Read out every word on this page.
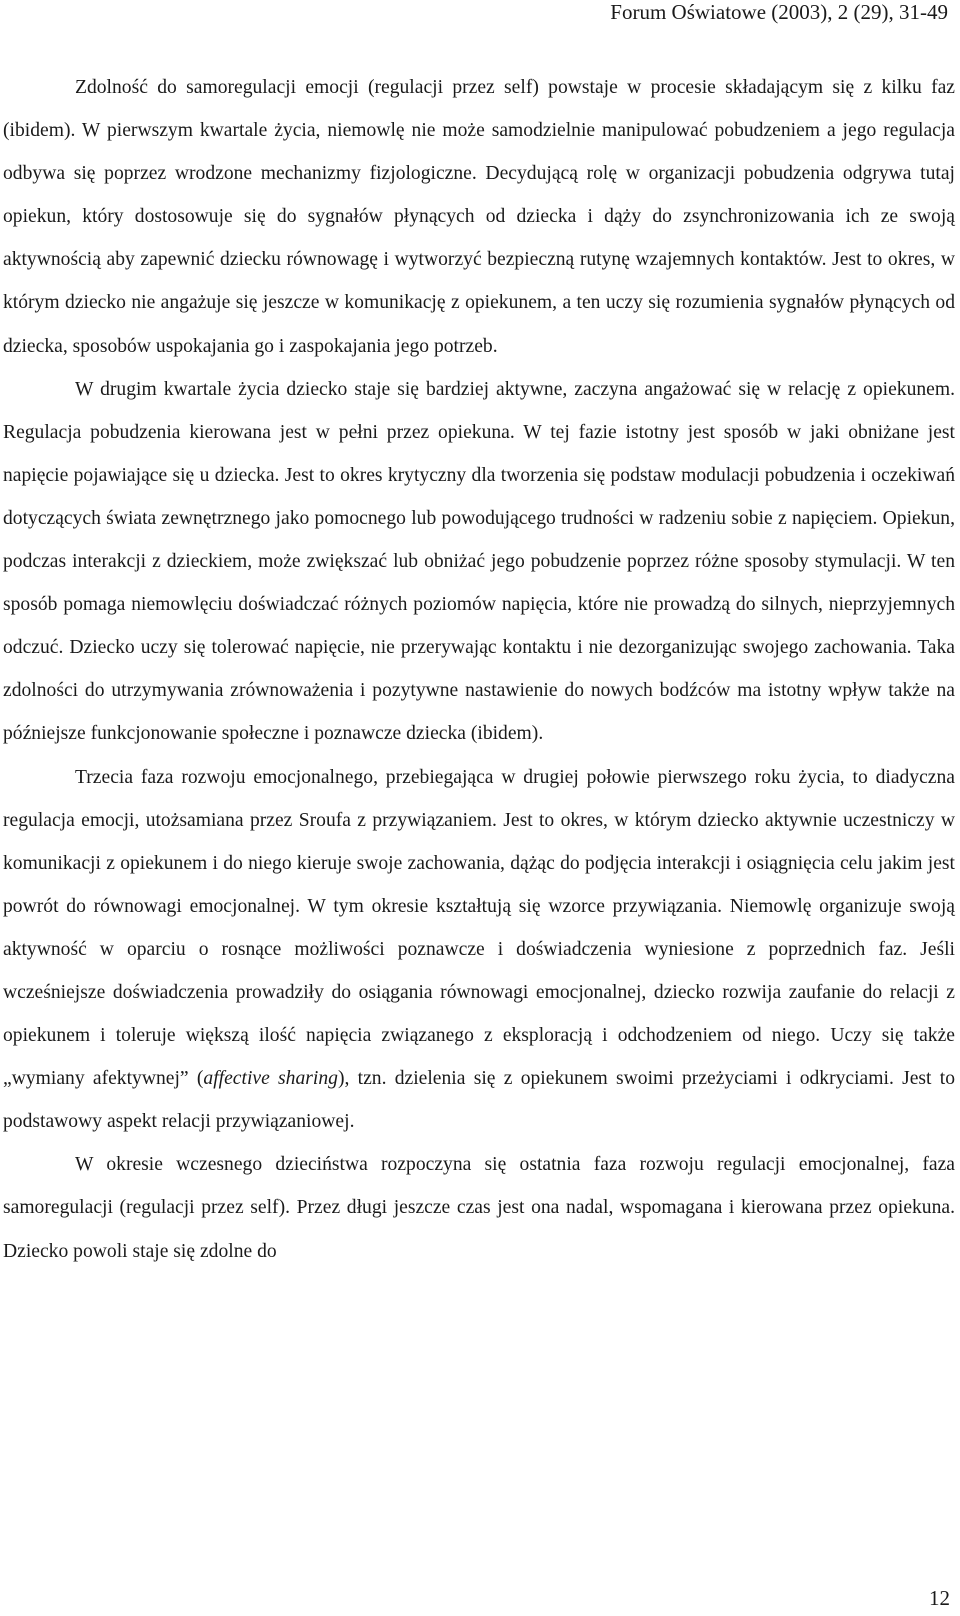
Forum Oświatowe (2003), 2 (29), 31-49

Zdolność do samoregulacji emocji (regulacji przez self) powstaje w procesie składającym się z kilku faz (ibidem). W pierwszym kwartale życia, niemowlę nie może samodzielnie manipulować pobudzeniem a jego regulacja odbywa się poprzez wrodzone mechanizmy fizjologiczne. Decydującą rolę w organizacji pobudzenia odgrywa tutaj opiekun, który dostosowuje się do sygnałów płynących od dziecka i dąży do zsynchronizowania ich ze swoją aktywnością aby zapewnić dziecku równowagę i wytworzyć bezpieczną rutynę wzajemnych kontaktów. Jest to okres, w którym dziecko nie angażuje się jeszcze w komunikację z opiekunem, a ten uczy się rozumienia sygnałów płynących od dziecka, sposobów uspokajania go i zaspokajania jego potrzeb.

W drugim kwartale życia dziecko staje się bardziej aktywne, zaczyna angażować się w relację z opiekunem. Regulacja pobudzenia kierowana jest w pełni przez opiekuna. W tej fazie istotny jest sposób w jaki obniżane jest napięcie pojawiające się u dziecka. Jest to okres krytyczny dla tworzenia się podstaw modulacji pobudzenia i oczekiwań dotyczących świata zewnętrznego jako pomocnego lub powodującego trudności w radzeniu sobie z napięciem. Opiekun, podczas interakcji z dzieckiem, może zwiększać lub obniżać jego pobudzenie poprzez różne sposoby stymulacji. W ten sposób pomaga niemowlęciu doświadczać różnych poziomów napięcia, które nie prowadzą do silnych, nieprzyjemnych odczuć. Dziecko uczy się tolerować napięcie, nie przerywając kontaktu i nie dezorganizując swojego zachowania. Taka zdolności do utrzymywania zrównoważenia i pozytywne nastawienie do nowych bodźców ma istotny wpływ także na późniejsze funkcjonowanie społeczne i poznawcze dziecka (ibidem).

Trzecia faza rozwoju emocjonalnego, przebiegająca w drugiej połowie pierwszego roku życia, to diadyczna regulacja emocji, utożsamiana przez Sroufa z przywiązaniem. Jest to okres, w którym dziecko aktywnie uczestniczy w komunikacji z opiekunem i do niego kieruje swoje zachowania, dążąc do podjęcia interakcji i osiągnięcia celu jakim jest powrót do równowagi emocjonalnej. W tym okresie kształtują się wzorce przywiązania. Niemowlę organizuje swoją aktywność w oparciu o rosnące możliwości poznawcze i doświadczenia wyniesione z poprzednich faz. Jeśli wcześniejsze doświadczenia prowadziły do osiągania równowagi emocjonalnej, dziecko rozwija zaufanie do relacji z opiekunem i toleruje większą ilość napięcia związanego z eksploracją i odchodzeniem od niego. Uczy się także „wymiany afektywnej” (affective sharing), tzn. dzielenia się z opiekunem swoimi przeżyciami i odkryciami. Jest to podstawowy aspekt relacji przywiązaniowej.

W okresie wczesnego dzieciństwa rozpoczyna się ostatnia faza rozwoju regulacji emocjonalnej, faza samoregulacji (regulacji przez self). Przez długi jeszcze czas jest ona nadal, wspomagana i kierowana przez opiekuna. Dziecko powoli staje się zdolne do

12
